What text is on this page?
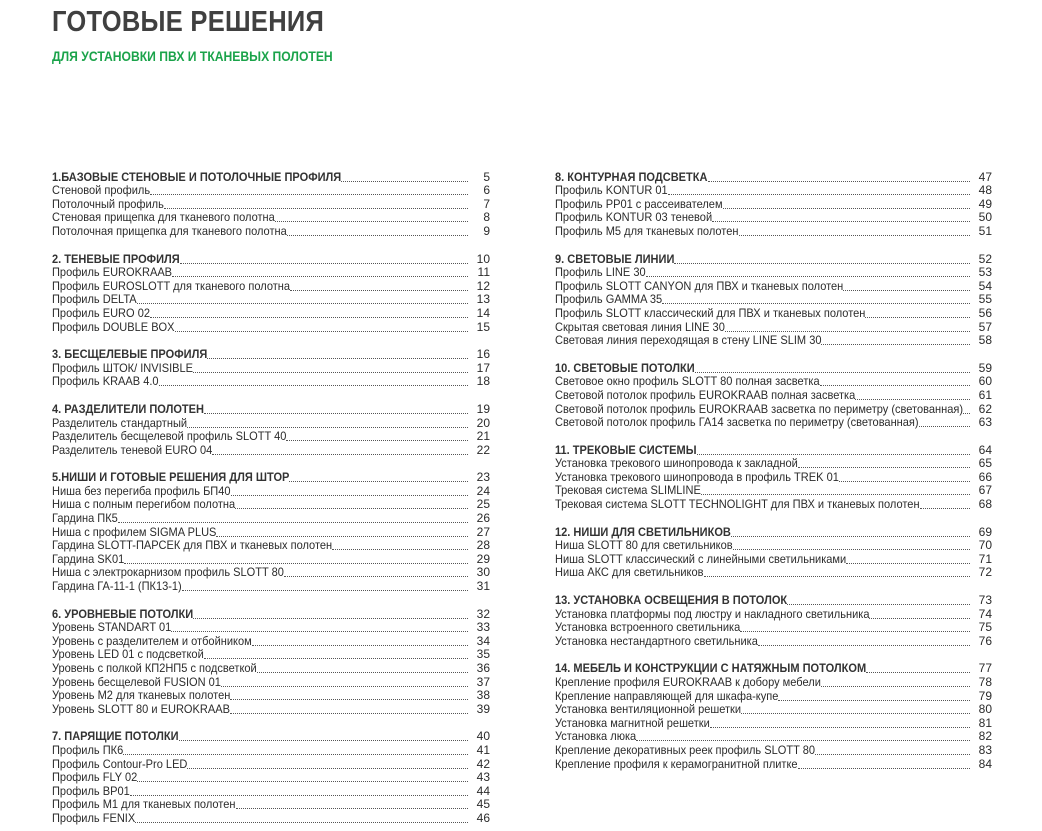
ГОТОВЫЕ РЕШЕНИЯ
ДЛЯ УСТАНОВКИ ПВХ И ТКАНЕВЫХ ПОЛОТЕН
1.БАЗОВЫЕ СТЕНОВЫЕ И ПОТОЛОЧНЫЕ ПРОФИЛЯ	5
Стеновой профиль	6
Потолочный профиль	7
Стеновая прищепка для тканевого полотна	8
Потолочная прищепка для тканевого полотна	9
2. ТЕНЕВЫЕ ПРОФИЛЯ	10
Профиль EUROKRAAB	11
Профиль EUROSLOTT для тканевого полотна	12
Профиль DELTA	13
Профиль EURO 02	14
Профиль DOUBLE BOX	15
3. БЕСЩЕЛЕВЫЕ ПРОФИЛЯ	16
Профиль ШТОК/ INVISIBLE	17
Профиль KRAAB 4.0	18
4. РАЗДЕЛИТЕЛИ ПОЛОТЕН	19
Разделитель стандартный	20
Разделитель бесщелевой профиль SLOTT 40	21
Разделитель теневой EURO 04	22
5.НИШИ И ГОТОВЫЕ РЕШЕНИЯ ДЛЯ ШТОР	23
Ниша без перегиба профиль БП40	24
Ниша с полным перегибом полотна	25
Гардина ПК5	26
Ниша с профилем SIGMA PLUS	27
Гардина SLOTT-ПАРСЕК для ПВХ и тканевых полотен	28
Гардина SK01	29
Ниша с электрокарнизом профиль SLOTT 80	30
Гардина ГА-11-1 (ПК13-1)	31
6. УРОВНЕВЫЕ ПОТОЛКИ	32
Уровень STANDART 01	33
Уровень с разделителем и отбойником	34
Уровень LED 01 с подсветкой	35
Уровень с полкой КП2НП5 с подсветкой	36
Уровень бесщелевой FUSION 01	37
Уровень М2 для тканевых полотен	38
Уровень SLOTT 80 и EUROKRAAB	39
7. ПАРЯЩИЕ ПОТОЛКИ	40
Профиль ПК6	41
Профиль Contour-Pro LED	42
Профиль FLY 02	43
Профиль BP01	44
Профиль М1 для тканевых полотен	45
Профиль FENIX	46
8. КОНТУРНАЯ ПОДСВЕТКА	47
Профиль KONTUR 01	48
Профиль PP01 с рассеивателем	49
Профиль KONTUR 03 теневой	50
Профиль М5 для тканевых полотен	51
9. СВЕТОВЫЕ ЛИНИИ	52
Профиль LINE 30	53
Профиль SLOTT CANYON для ПВХ и тканевых полотен	54
Профиль GAMMA 35	55
Профиль SLOTT классический для ПВХ и тканевых полотен	56
Скрытая световая линия LINE 30	57
Световая линия переходящая в стену LINE SLIM 30	58
10. СВЕТОВЫЕ ПОТОЛКИ	59
Световое окно профиль SLOTT 80 полная засветка	60
Световой потолок профиль EUROKRAAB полная засветка	61
Световой потолок профиль EUROKRAAB засветка по периметру (светованная) 62
Световой потолок профиль ГА14 засветка по периметру (светованная)	63
11. ТРЕКОВЫЕ СИСТЕМЫ	64
Установка трекового шинопровода к закладной	65
Установка трекового шинопровода в профиль TREK 01	66
Трековая система SLIMLINE	67
Трековая система SLOTT TECHNOLIGHT для ПВХ и тканевых полотен	68
12. НИШИ ДЛЯ СВЕТИЛЬНИКОВ	69
Ниша SLOTT 80 для светильников	70
Ниша SLOTT классический с линейными светильниками	71
Ниша АКС для светильников	72
13. УСТАНОВКА ОСВЕЩЕНИЯ В ПОТОЛОК	73
Установка платформы под люстру и накладного светильника	74
Установка встроенного светильника	75
Установка нестандартного светильника	76
14. МЕБЕЛЬ И КОНСТРУКЦИИ С НАТЯЖНЫМ ПОТОЛКОМ	77
Крепление профиля EUROKRAAB к добору мебели	78
Крепление направляющей для шкафа-купе	79
Установка вентиляционной решетки	80
Установка магнитной решетки	81
Установка люка	82
Крепление декоративных реек профиль SLOTT 80	83
Крепление профиля к керамогранитной плитке	84
